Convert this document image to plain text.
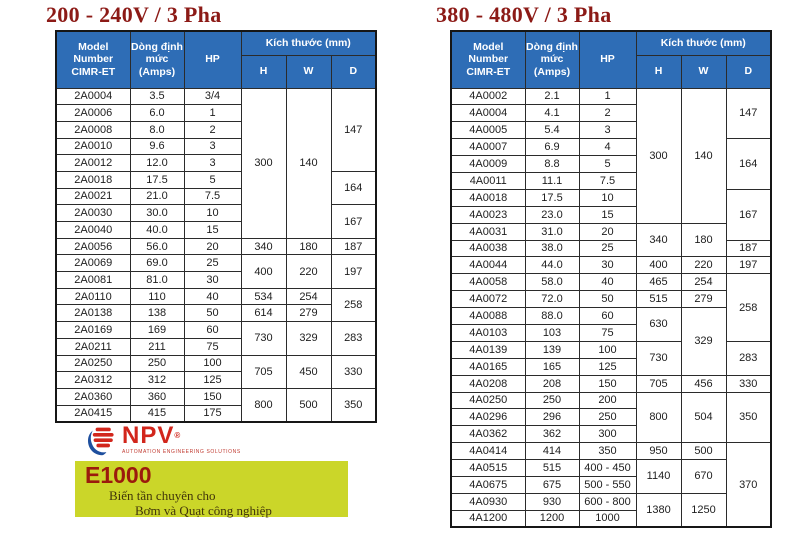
200 - 240V / 3 Pha	380 - 480V / 3 Pha
Model Number CIMR-ET	Dòng định mức (Amps)	HP	Kích thước (mm)		
			H	W	D
2A0004	3.5	3/4	300	140	147
2A0006	6.0	1			
2A0008	8.0	2			
2A0010	9.6	3			
2A0012	12.0	3			
2A0018	17.5	5			164
2A0021	21.0	7.5			
2A0030	30.0	10			167
2A0040	40.0	15			
2A0056	56.0	20	340	180	187
2A0069	69.0	25	400	220	197
2A0081	81.0	30			
2A0110	110	40	534	254	258
2A0138	138	50	614	279	
2A0169	169	60	730	329	283
2A0211	211	75			
2A0250	250	100	705	450	330
2A0312	312	125			
2A0360	360	150	800	500	350
2A0415	415	175			
Model Number CIMR-ET	Dòng định mức (Amps)	HP	Kích thước (mm)		
			H	W	D
4A0002	2.1	1	300	140	147
4A0004	4.1	2			
4A0005	5.4	3			
4A0007	6.9	4			164
4A0009	8.8	5			
4A0011	11.1	7.5			
4A0018	17.5	10			167
4A0023	23.0	15			
4A0031	31.0	20	340	180	
4A0038	38.0	25			187
4A0044	44.0	30	400	220	197
4A0058	58.0	40	465	254	258
4A0072	72.0	50	515	279	
4A0088	88.0	60	630	329	
4A0103	103	75			
4A0139	139	100	730		283
4A0165	165	125			
4A0208	208	150	705	456	330
4A0250	250	200	800	504	350
4A0296	296	250			
4A0362	362	300			
4A0414	414	350	950	500	370
4A0515	515	400 - 450	1140	670	
4A0675	675	500 - 550			
4A0930	930	600 - 800	1380	1250	
4A1200	1200	1000			
NPV®
AUTOMATION ENGINEERING SOLUTIONS
E1000
Biến tần chuyên cho
Bơm và Quạt công nghiệp
